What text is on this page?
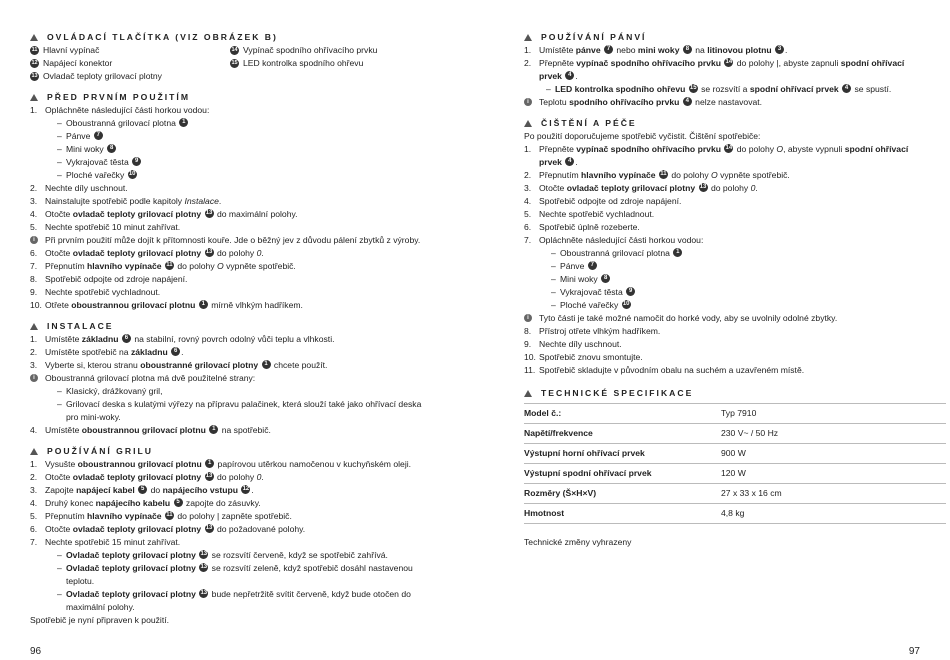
OVLÁDACÍ TLAČÍTKA (VIZ OBRÁZEK B)
11 Hlavní vypínač	14 Vypínač spodního ohřívacího prvku
12 Napájecí konektor	15 LED kontrolka spodního ohřevu
13 Ovladač teploty grilovací plotny
PŘED PRVNÍM POUŽITÍM
1. Opláchněte následující části horkou vodou:
– Oboustranná grilovací plotna 1
– Pánve 7
– Mini woky 8
– Vykrajovač těsta 9
– Ploché vařečky 10
2. Nechte díly uschnout.
3. Nainstalujte spotřebič podle kapitoly Instalace.
4. Otočte ovladač teploty grilovací plotny 13 do maximální polohy.
5. Nechte spotřebič 10 minut zahřívat.
i	Při prvním použití může dojít k přítomnosti kouře. Jde o běžný jev z důvodu pálení zbytků z výroby.
6. Otočte ovladač teploty grilovací plotny 13 do polohy 0.
7. Přepnutím hlavního vypínače 11 do polohy O vypněte spotřebič.
8. Spotřebič odpojte od zdroje napájení.
9. Nechte spotřebič vychladnout.
10. Otřete oboustrannou grilovací plotnu 1 mírně vlhkým hadříkem.
INSTALACE
1. Umístěte základnu 6 na stabilní, rovný povrch odolný vůči teplu a vlhkosti.
2. Umístěte spotřebič na základnu 6 .
3. Vyberte si, kterou stranu oboustranné grilovací plotny 1 chcete použít.
i	Oboustranná grilovací plotna má dvě použitelné strany:
– Klasický, drážkovaný gril,
– Grilovací deska s kulatými výřezy na přípravu palačinek, která slouží také jako ohřívací deska pro mini-woky.
4. Umístěte oboustrannou grilovací plotnu 1 na spotřebič.
POUŽÍVÁNÍ GRILU
1. Vysušte oboustrannou grilovací plotnu 1 papírovou utěrkou namočenou v kuchyňském oleji.
2. Otočte ovladač teploty grilovací plotny 13 do polohy 0.
3. Zapojte napájecí kabel 5 do napájecího vstupu 12 .
4. Druhý konec napájecího kabelu 5 zapojte do zásuvky.
5. Přepnutím hlavního vypínače 11 do polohy | zapněte spotřebič.
6. Otočte ovladač teploty grilovací plotny 13 do požadované polohy.
7. Nechte spotřebič 15 minut zahřívat.
– Ovladač teploty grilovací plotny 13 se rozsvítí červeně, když se spotřebič zahřívá.
– Ovladač teploty grilovací plotny 13 se rozsvítí zeleně, když spotřebič dosáhl nastavenou teplotu.
– Ovladač teploty grilovací plotny 13 bude nepřetržitě svítit červeně, když bude otočen do maximální polohy.
Spotřebič je nyní připraven k použití.
96
POUŽÍVÁNÍ PÁNVÍ
1. Umístěte pánve 7 nebo mini woky 8 na litinovou plotnu 3 .
2. Přepněte vypínač spodního ohřívacího prvku 14 do polohy |, abyste zapnuli spodní ohřívací prvek 4 .
– LED kontrolka spodního ohřevu 15 se rozsvítí a spodní ohřívací prvek 4 se spustí.
i	Teplotu spodního ohřívacího prvku 4 nelze nastavovat.
ČIŠTĚNÍ A PÉČE
Po použití doporučujeme spotřebič vyčistit. Čištění spotřebiče:
1. Přepněte vypínač spodního ohřívacího prvku 14 do polohy O, abyste vypnuli spodní ohřívací prvek 4 .
2. Přepnutím hlavního vypínače 11 do polohy O vypněte spotřebič.
3. Otočte ovladač teploty grilovací plotny 13 do polohy 0.
4. Spotřebič odpojte od zdroje napájení.
5. Nechte spotřebič vychladnout.
6. Spotřebič úplně rozeberte.
7. Opláchněte následující části horkou vodou:
– Oboustranná grilovací plotna 1
– Pánve 7
– Mini woky 8
– Vykrajovač těsta 9
– Ploché vařečky 10
i	Tyto části je také možné namočit do horké vody, aby se uvolnily odolné zbytky.
8. Přístroj otřete vlhkým hadříkem.
9. Nechte díly uschnout.
10. Spotřebič znovu smontujte.
11. Spotřebič skladujte v původním obalu na suchém a uzavřeném místě.
TECHNICKÉ SPECIFIKACE
Model č.:	Typ 7910
Napětí/frekvence	230 V~ / 50 Hz
Výstupní horní ohřívací prvek	900 W
Výstupní spodní ohřívací prvek	120 W
Rozměry (Š×H×V)	27 x 33 x 16 cm
Hmotnost	4,8 kg
Technické změny vyhrazeny
97
